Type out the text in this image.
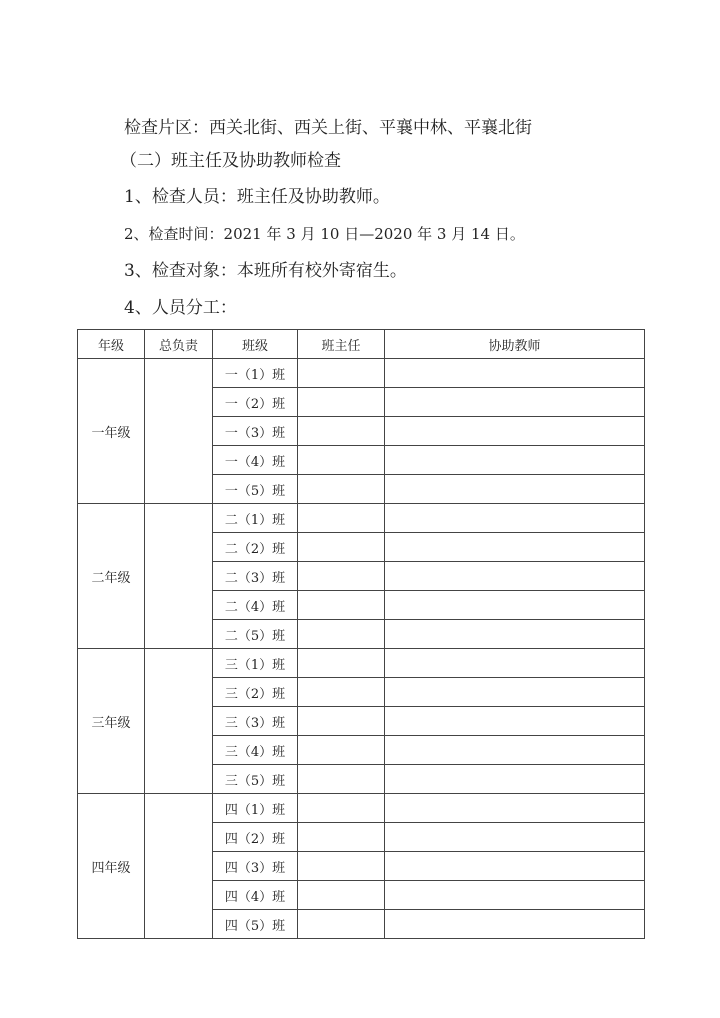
检查片区：西关北街、西关上街、平襄中林、平襄北街
（二）班主任及协助教师检查
1、检查人员：班主任及协助教师。
2、检查时间：2021 年 3 月 10 日—2020 年 3 月 14 日。
3、检查对象：本班所有校外寄宿生。
4、人员分工：
年级	总负责	班级	班主任	协助教师
一年级		一（1）班		
		一（2）班		
		一（3）班		
		一（4）班		
		一（5）班		
二年级		二（1）班		
		二（2）班		
		二（3）班		
		二（4）班		
		二（5）班		
三年级		三（1）班		
		三（2）班		
		三（3）班		
		三（4）班		
		三（5）班		
四年级		四（1）班		
		四（2）班		
		四（3）班		
		四（4）班		
		四（5）班		
